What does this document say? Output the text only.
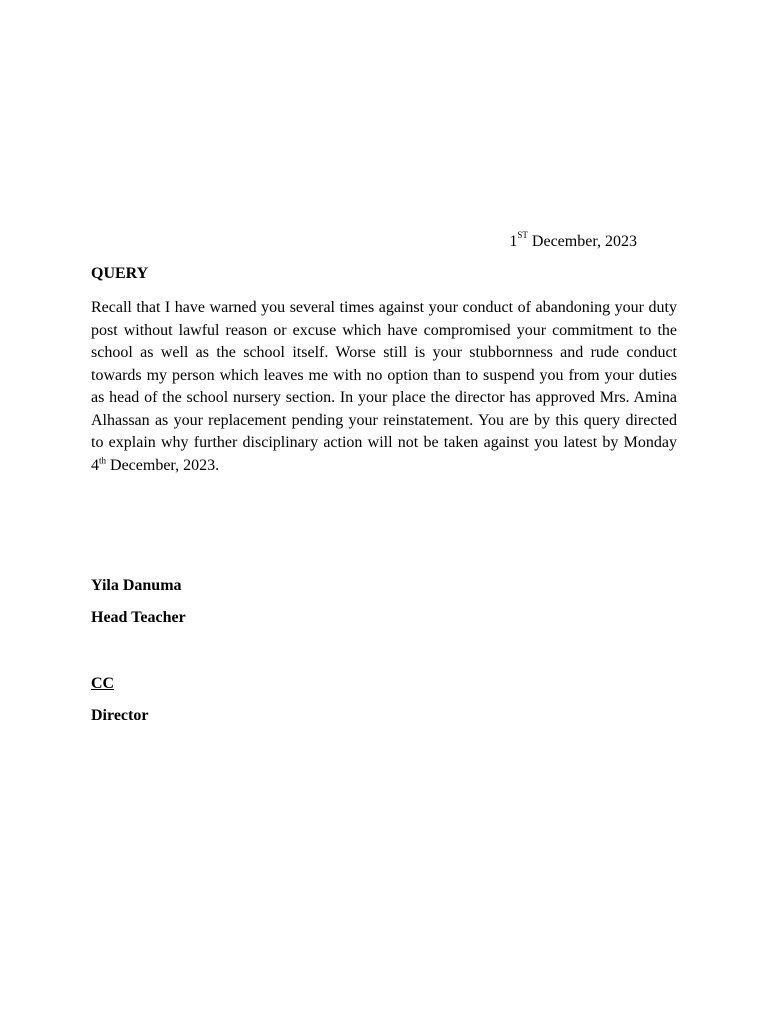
1ST December, 2023
QUERY

Recall that I have warned you several times against your conduct of abandoning your duty post without lawful reason or excuse which have compromised your commitment to the school as well as the school itself. Worse still is your stubbornness and rude conduct towards my person which leaves me with no option than to suspend you from your duties as head of the school nursery section. In your place the director has approved Mrs. Amina Alhassan as your replacement pending your reinstatement. You are by this query directed to explain why further disciplinary action will not be taken against you latest by Monday 4th December, 2023.

Yila Danuma
Head Teacher
CC
Director
